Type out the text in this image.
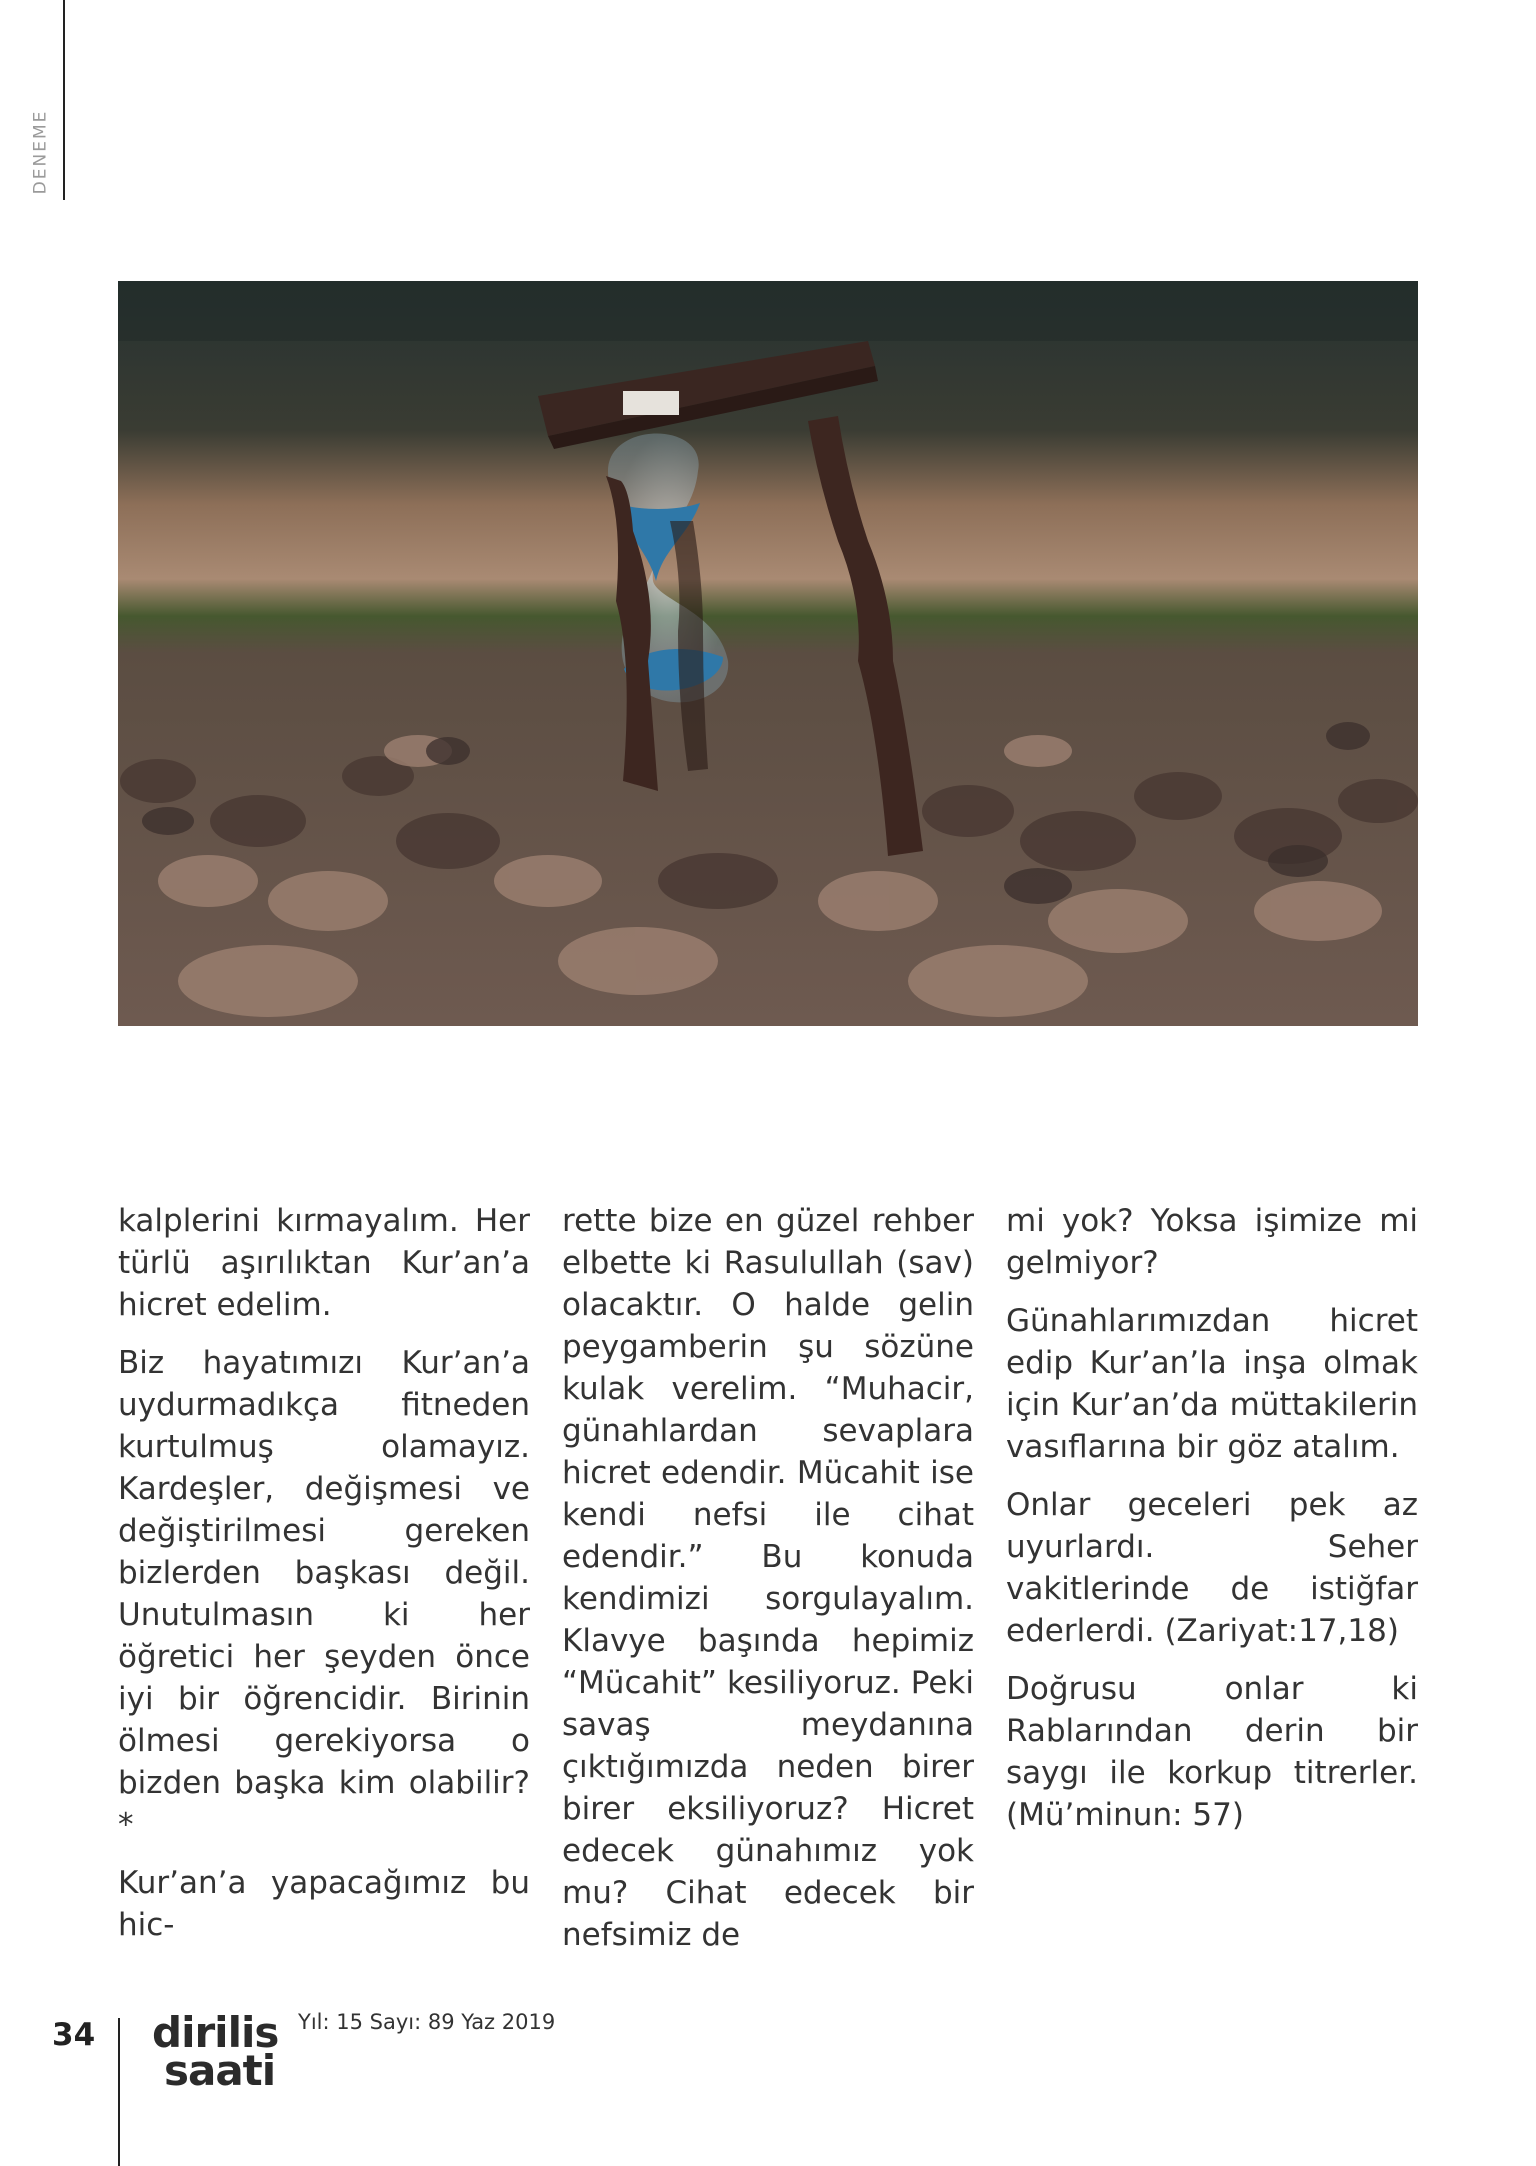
DENEME

kalplerini kırmayalım. Her türlü aşırılıktan Kur’an’a hicret edelim.

Biz hayatımızı Kur’an’a uydurmadıkça fitneden kurtulmuş olamayız. Kardeşler, değişmesi ve değiştirilmesi gereken bizlerden başkası değil. Unutulmasın ki her öğretici her şeyden önce iyi bir öğrencidir. Birinin ölmesi gerekiyorsa o bizden başka kim olabilir? *

Kur’an’a yapacağımız bu hic-

rette bize en güzel rehber elbette ki Rasulullah (sav) olacaktır. O halde gelin peygamberin şu sözüne kulak verelim. “Muhacir, günahlardan sevaplara hicret edendir. Mücahit ise kendi nefsi ile cihat edendir.” Bu konuda kendimizi sorgulayalım. Klavye başında hepimiz “Mücahit” kesiliyoruz. Peki savaş meydanına çıktığımızda neden birer birer eksiliyoruz? Hicret edecek günahımız yok mu? Cihat edecek bir nefsimiz de

mi yok? Yoksa işimize mi gelmiyor?

Günahlarımızdan hicret edip Kur’an’la inşa olmak için Kur’an’da müttakilerin vasıflarına bir göz atalım.

Onlar geceleri pek az uyurlardı. Seher vakitlerinde de istiğfar ederlerdi. (Zariyat:17,18)

Doğrusu onlar ki Rablarından derin bir saygı ile korkup titrerler. (Mü’minun: 57)

34 dirilis
saati
Yıl: 15 Sayı: 89 Yaz 2019
